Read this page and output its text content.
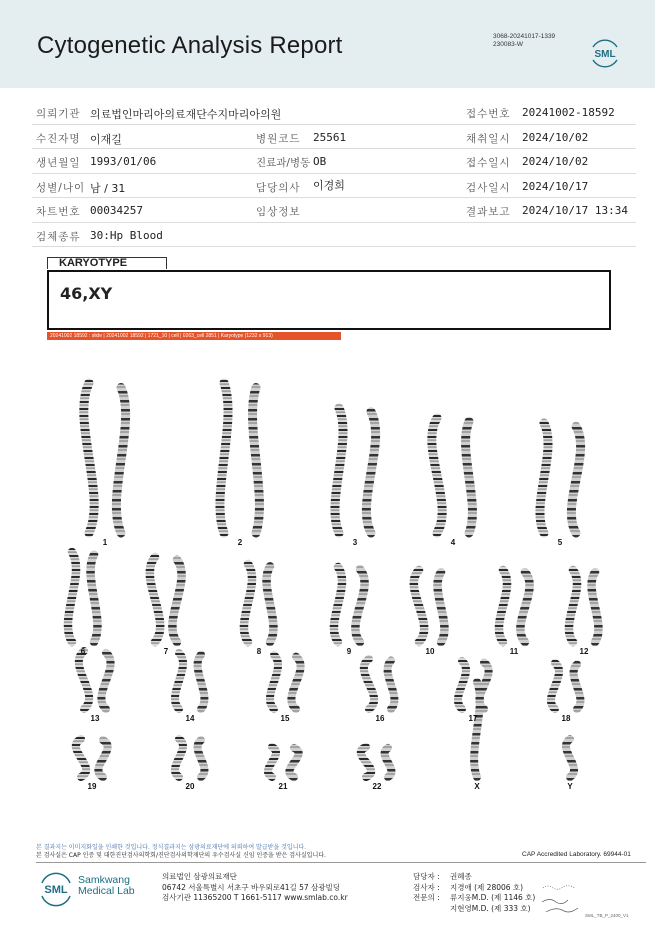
Cytogenetic Analysis Report	3068-20241017-1339
230083-W
SML
의뢰기관 의료법인마리아의료재단수지마리아의원	접수번호 20241002-18592
수진자명 이재길	병원코드 25561	채취일시 2024/10/02
생년월일 1993/01/06	진료과/병동 OB	접수일시 2024/10/02
성별/나이 남 / 31	담당의사 이경희	검사일시 2024/10/17
차트번호 00034257	임상정보	결과보고 2024/10/17 13:34
검체종류 30:Hp Blood
KARYOTYPE
46,XY
20241002 18592 : slide | 20241002 18592 | 1721_10 | cell | 0263_cell 2851 | Karyotype (1232 x 913)
1	2	3	4	5
6	7	8	9	10	11	12
13	14	15	16	17	18
19	20	21	22	X	Y
본 결과지는 이미지화일을 인쇄한 것입니다. 정식결과지는 삼광의료재단에 의뢰하여 발급받을 것입니다.
본 검사실은 CAP 인증 및 대한진단검사의학회/진단검사의학재단의 우수검사실 신임 인증을 받은 검사실입니다.	CAP Accredited Laboratory. 69944-01
SML
Samkwang
Medical Lab
의료법인 삼광의료재단
06742 서울특별시 서초구 바우뫼로41길 57 삼광빌딩
검사기관 11365200 T 1661-5117 www.smlab.co.kr
담당자 : 권혜종
검사자 : 지경애 (제 28006 호)
전문의 : 류지웅M.D. (제 1146 호)
지현영M.D. (제 333 호)
SML_TB_P_2400_V1
